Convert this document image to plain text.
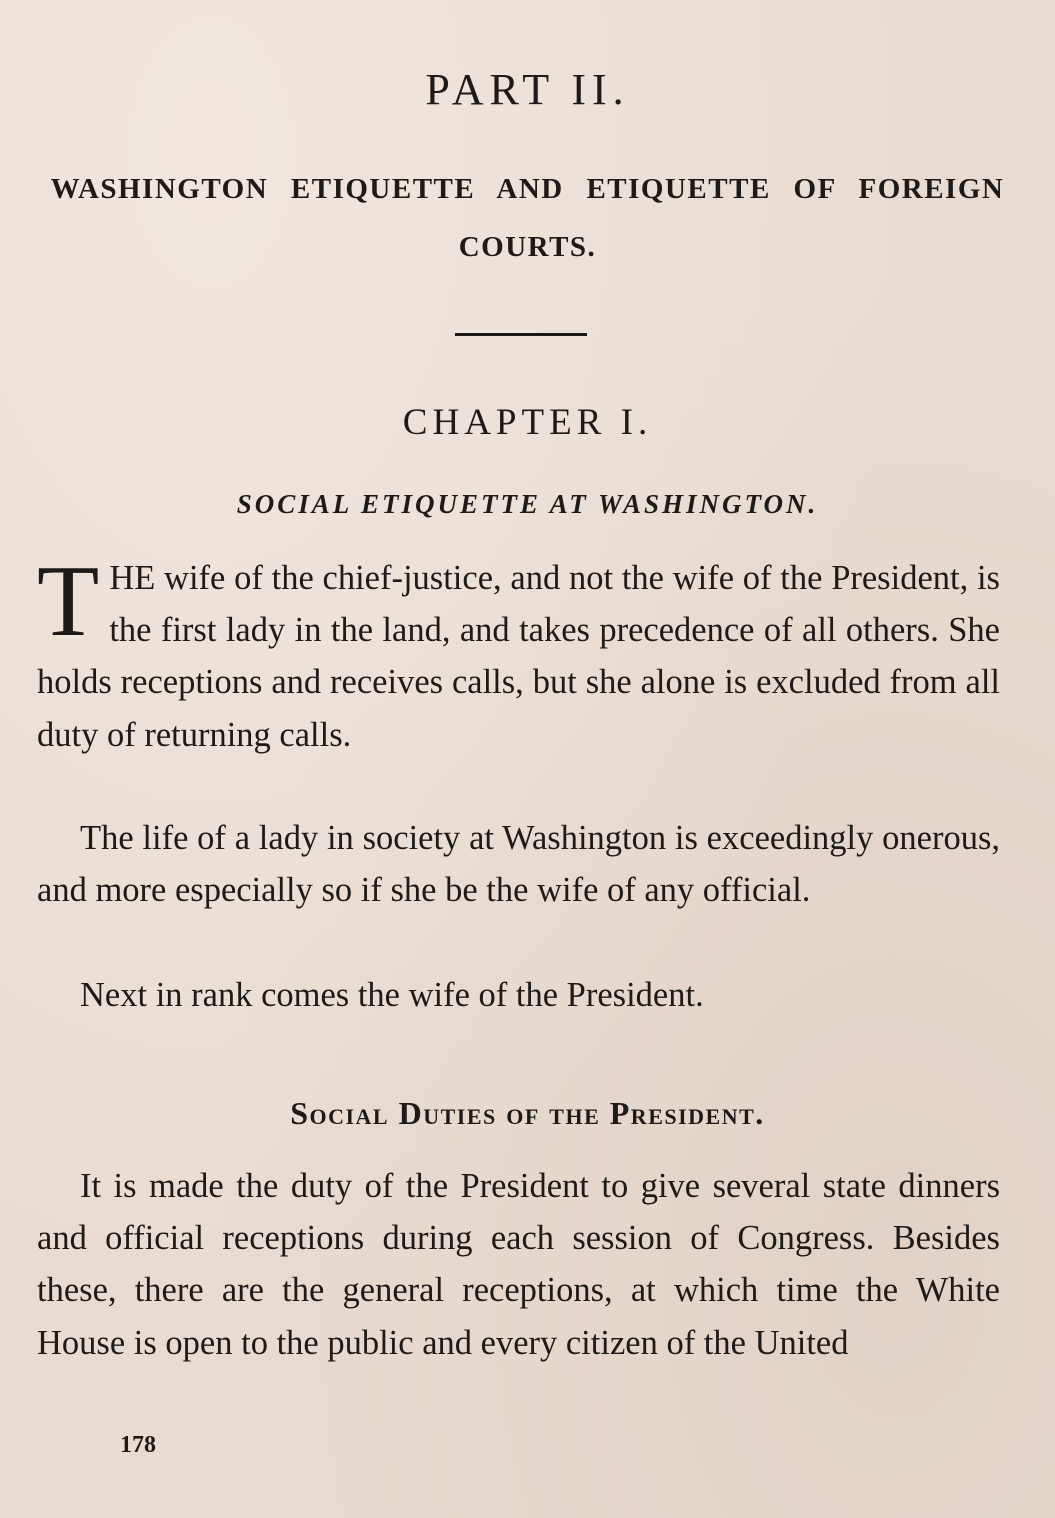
PART II.
WASHINGTON ETIQUETTE AND ETIQUETTE OF FOREIGN COURTS.
CHAPTER I.
SOCIAL ETIQUETTE AT WASHINGTON.

THE wife of the chief-justice, and not the wife of the President, is the first lady in the land, and takes precedence of all others. She holds receptions and receives calls, but she alone is excluded from all duty of returning calls.

The life of a lady in society at Washington is exceedingly onerous, and more especially so if she be the wife of any official.

Next in rank comes the wife of the President.

Social Duties of the President.

It is made the duty of the President to give several state dinners and official receptions during each session of Congress. Besides these, there are the general receptions, at which time the White House is open to the public and every citizen of the United

178
